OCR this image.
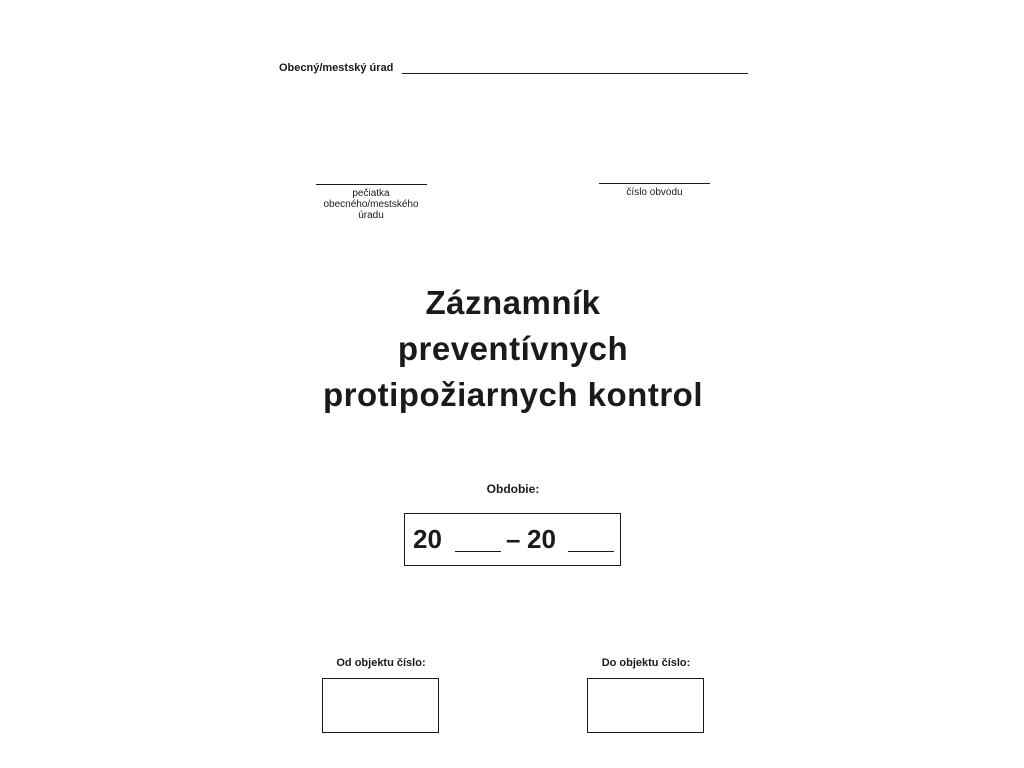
Obecný/mestský úrad
pečiatka
obecného/mestského
úradu
číslo obvodu
Záznamník
preventívnych
protipožiarnych kontrol
Obdobie:
20 – 20
Od objektu číslo:	Do objektu číslo:
